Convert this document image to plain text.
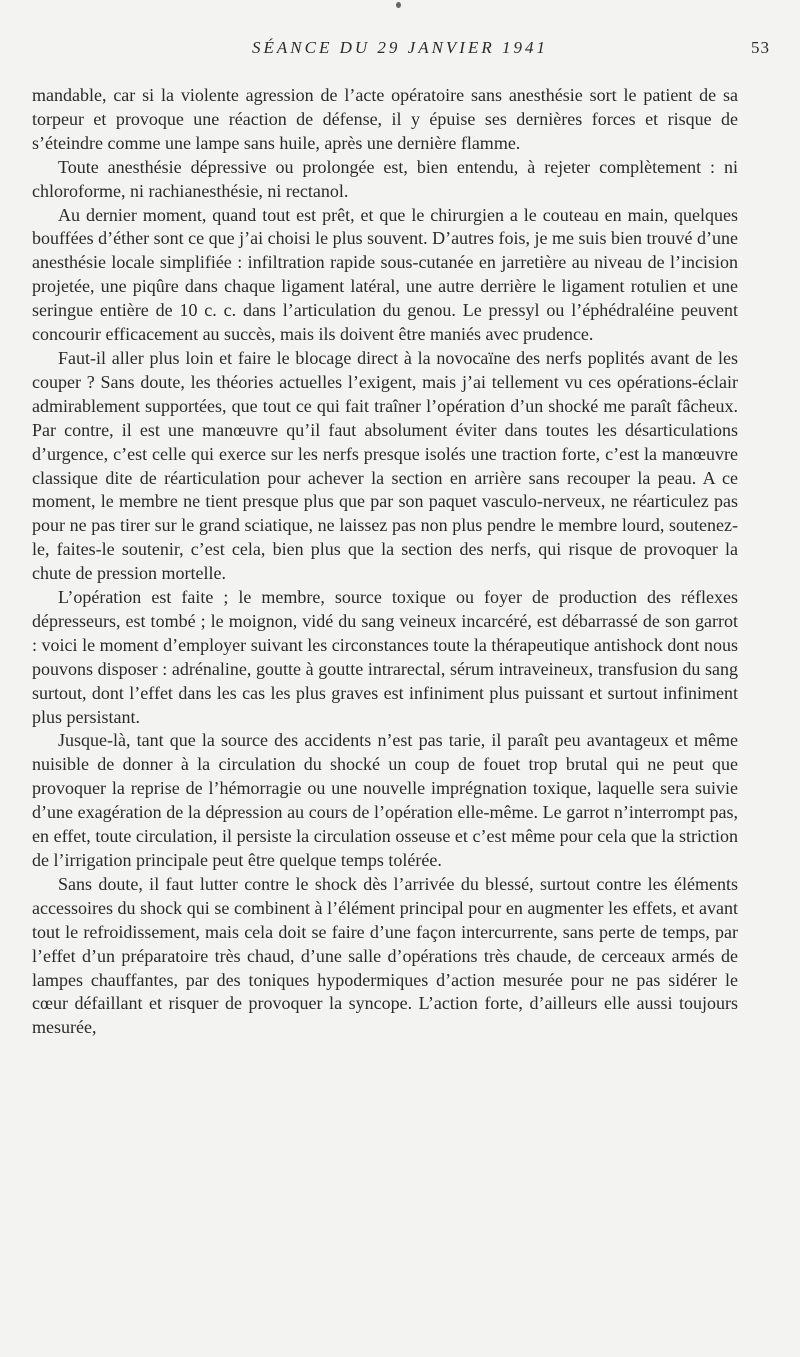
SÉANCE DU 29 JANVIER 1941	53

mandable, car si la violente agression de l’acte opératoire sans anesthésie sort le patient de sa torpeur et provoque une réaction de défense, il y épuise ses dernières forces et risque de s’éteindre comme une lampe sans huile, après une dernière flamme.

Toute anesthésie dépressive ou prolongée est, bien entendu, à rejeter complètement : ni chloroforme, ni rachianesthésie, ni rectanol.

Au dernier moment, quand tout est prêt, et que le chirurgien a le couteau en main, quelques bouffées d’éther sont ce que j’ai choisi le plus souvent. D’autres fois, je me suis bien trouvé d’une anesthésie locale simplifiée : infiltration rapide sous-cutanée en jarretière au niveau de l’incision projetée, une piqûre dans chaque ligament latéral, une autre derrière le ligament rotulien et une seringue entière de 10 c. c. dans l’articulation du genou. Le pressyl ou l’éphédraléine peuvent concourir efficacement au succès, mais ils doivent être maniés avec prudence.

Faut-il aller plus loin et faire le blocage direct à la novocaïne des nerfs poplités avant de les couper ? Sans doute, les théories actuelles l’exigent, mais j’ai tellement vu ces opérations-éclair admirablement supportées, que tout ce qui fait traîner l’opération d’un shocké me paraît fâcheux. Par contre, il est une manœuvre qu’il faut absolument éviter dans toutes les désarticulations d’urgence, c’est celle qui exerce sur les nerfs presque isolés une traction forte, c’est la manœuvre classique dite de réarticulation pour achever la section en arrière sans recouper la peau. A ce moment, le membre ne tient presque plus que par son paquet vasculo-nerveux, ne réarticulez pas pour ne pas tirer sur le grand sciatique, ne laissez pas non plus pendre le membre lourd, soutenez-le, faites-le soutenir, c’est cela, bien plus que la section des nerfs, qui risque de provoquer la chute de pression mortelle.

L’opération est faite ; le membre, source toxique ou foyer de production des réflexes dépresseurs, est tombé ; le moignon, vidé du sang veineux incarcéré, est débarrassé de son garrot : voici le moment d’employer suivant les circonstances toute la thérapeutique antishock dont nous pouvons disposer : adrénaline, goutte à goutte intrarectal, sérum intraveineux, transfusion du sang surtout, dont l’effet dans les cas les plus graves est infiniment plus puissant et surtout infiniment plus persistant.

Jusque-là, tant que la source des accidents n’est pas tarie, il paraît peu avantageux et même nuisible de donner à la circulation du shocké un coup de fouet trop brutal qui ne peut que provoquer la reprise de l’hémorragie ou une nouvelle imprégnation toxique, laquelle sera suivie d’une exagération de la dépression au cours de l’opération elle-même. Le garrot n’interrompt pas, en effet, toute circulation, il persiste la circulation osseuse et c’est même pour cela que la striction de l’irrigation principale peut être quelque temps tolérée.

Sans doute, il faut lutter contre le shock dès l’arrivée du blessé, surtout contre les éléments accessoires du shock qui se combinent à l’élément principal pour en augmenter les effets, et avant tout le refroidissement, mais cela doit se faire d’une façon intercurrente, sans perte de temps, par l’effet d’un préparatoire très chaud, d’une salle d’opérations très chaude, de cerceaux armés de lampes chauffantes, par des toniques hypodermiques d’action mesurée pour ne pas sidérer le cœur défaillant et risquer de provoquer la syncope. L’action forte, d’ailleurs elle aussi toujours mesurée,
